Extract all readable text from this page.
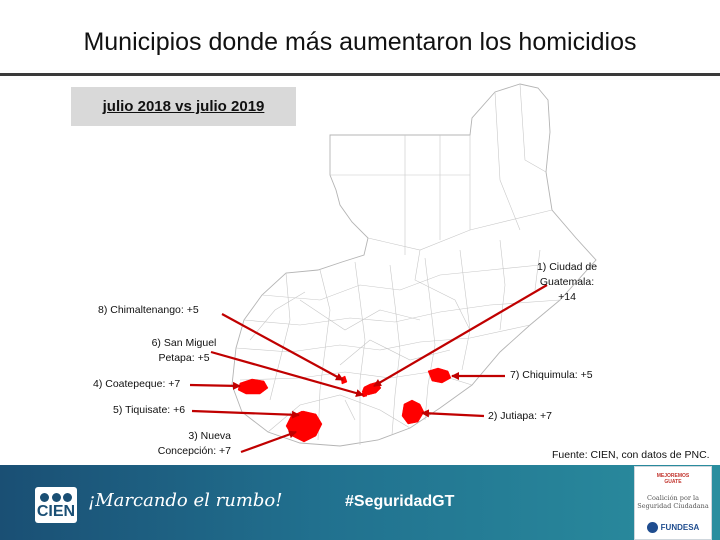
Municipios donde más aumentaron los homicidios
julio 2018 vs julio 2019
1) Ciudad de
Guatemala:
+14
2) Jutiapa: +7
3) Nueva
Concepción: +7
4) Coatepeque: +7
5) Tiquisate: +6
6) San Miguel
Petapa: +5
7) Chiquimula: +5
8) Chimaltenango: +5
Fuente: CIEN, con datos de PNC.
CIEN
¡Marcando el rumbo!	#SeguridadGT
MEJOREMOS
GUATE
Coalición por la
Seguridad Ciudadana
FUNDESA
